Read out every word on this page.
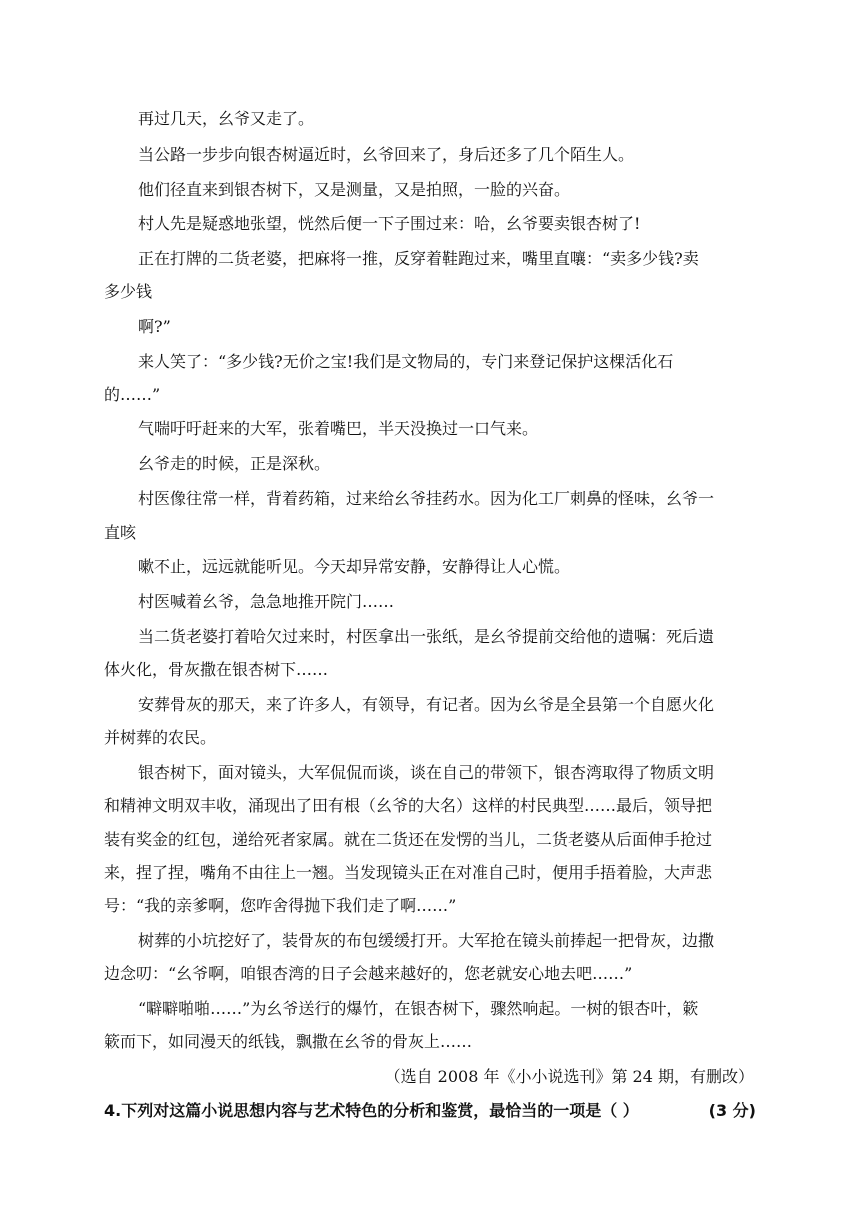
再过几天，幺爷又走了。
当公路一步步向银杏树逼近时，幺爷回来了，身后还多了几个陌生人。
他们径直来到银杏树下，又是测量，又是拍照，一脸的兴奋。
村人先是疑惑地张望，恍然后便一下子围过来：哈，幺爷要卖银杏树了!
正在打牌的二货老婆，把麻将一推，反穿着鞋跑过来，嘴里直嚷：“卖多少钱?卖
多少钱
啊?”
来人笑了：“多少钱?无价之宝!我们是文物局的，专门来登记保护这棵活化石
的……”
气喘吁吁赶来的大军，张着嘴巴，半天没换过一口气来。
幺爷走的时候，正是深秋。
村医像往常一样，背着药箱，过来给幺爷挂药水。因为化工厂刺鼻的怪味，幺爷一
直咳
嗽不止，远远就能听见。今天却异常安静，安静得让人心慌。
村医喊着幺爷，急急地推开院门……
当二货老婆打着哈欠过来时，村医拿出一张纸，是幺爷提前交给他的遗嘱：死后遗
体火化，骨灰撒在银杏树下……
安葬骨灰的那天，来了许多人，有领导，有记者。因为幺爷是全县第一个自愿火化
并树葬的农民。
银杏树下，面对镜头，大军侃侃而谈，谈在自己的带领下，银杏湾取得了物质文明
和精神文明双丰收，涌现出了田有根（幺爷的大名）这样的村民典型……最后，领导把
装有奖金的红包，递给死者家属。就在二货还在发愣的当儿，二货老婆从后面伸手抢过
来，捏了捏，嘴角不由往上一翘。当发现镜头正在对准自己时，便用手捂着脸，大声悲
号：“我的亲爹啊，您咋舍得抛下我们走了啊……”
树葬的小坑挖好了，装骨灰的布包缓缓打开。大军抢在镜头前捧起一把骨灰，边撒
边念叨：“幺爷啊，咱银杏湾的日子会越来越好的，您老就安心地去吧……”
“噼噼啪啪……”为幺爷送行的爆竹，在银杏树下，骤然响起。一树的银杏叶，簌
簌而下，如同漫天的纸钱，飘撒在幺爷的骨灰上……
（选自 2008 年《小小说选刊》第 24 期，有删改）
4.下列对这篇小说思想内容与艺术特色的分析和鉴赏，最恰当的一项是（ ）	(3 分)
